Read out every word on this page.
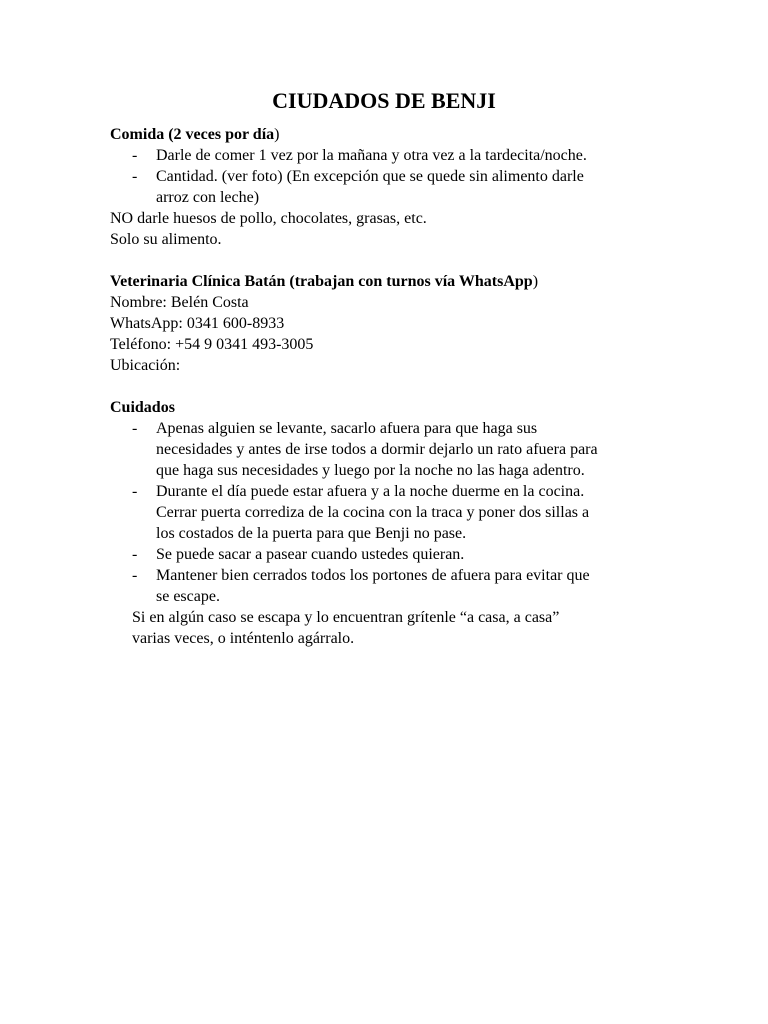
CIUDADOS DE BENJI

Comida (2 veces por día)

- Darle de comer 1 vez por la mañana y otra vez a la tardecita/noche.
- Cantidad. (ver foto) (En excepción que se quede sin alimento darle
arroz con leche)

NO darle huesos de pollo, chocolates, grasas, etc.

Solo su alimento.

Veterinaria Clínica Batán (trabajan con turnos vía WhatsApp)

Nombre: Belén Costa

WhatsApp: 0341 600-8933

Teléfono: +54 9 0341 493-3005

Ubicación:

Cuidados

- Apenas alguien se levante, sacarlo afuera para que haga sus
necesidades y antes de irse todos a dormir dejarlo un rato afuera para
que haga sus necesidades y luego por la noche no las haga adentro.
- Durante el día puede estar afuera y a la noche duerme en la cocina.
Cerrar puerta corrediza de la cocina con la traca y poner dos sillas a
los costados de la puerta para que Benji no pase.
- Se puede sacar a pasear cuando ustedes quieran.
- Mantener bien cerrados todos los portones de afuera para evitar que
se escape.

Si en algún caso se escapa y lo encuentran grítenle “a casa, a casa”

varias veces, o inténtenlo agárralo.
